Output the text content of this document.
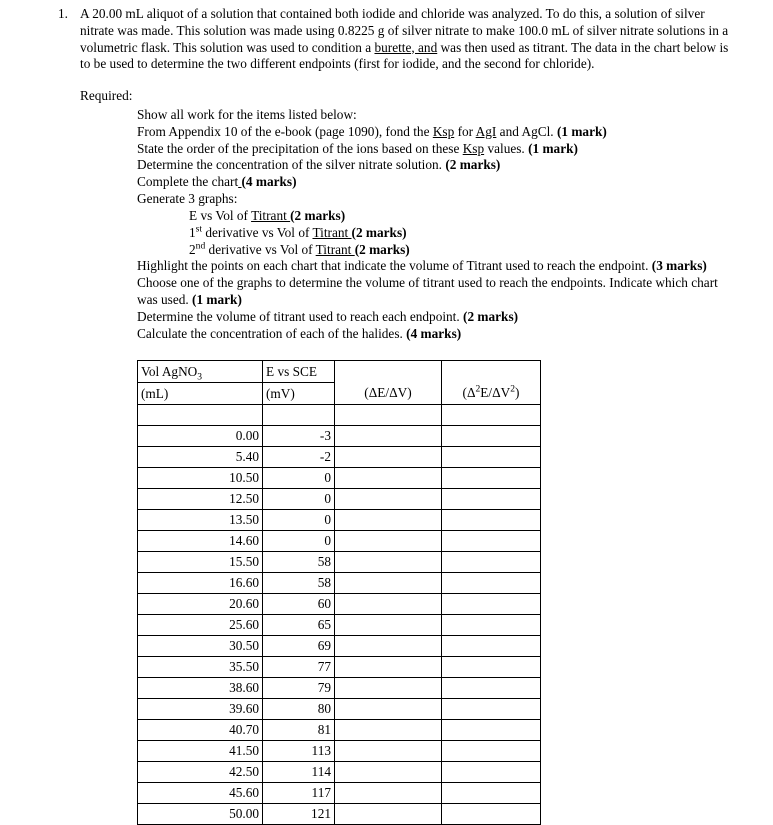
1. A 20.00 mL aliquot of a solution that contained both iodide and chloride was analyzed. To do this, a solution of silver nitrate was made. This solution was made using 0.8225 g of silver nitrate to make 100.0 mL of silver nitrate solutions in a volumetric flask. This solution was used to condition a burette, and was then used as titrant. The data in the chart below is to be used to determine the two different endpoints (first for iodide, and the second for chloride).
Required:
Show all work for the items listed below:
From Appendix 10 of the e-book (page 1090), fond the Ksp for AgI and AgCl. (1 mark)
State the order of the precipitation of the ions based on these Ksp values. (1 mark)
Determine the concentration of the silver nitrate solution. (2 marks)
Complete the chart (4 marks)
Generate 3 graphs:
E vs Vol of Titrant (2 marks)
1st derivative vs Vol of Titrant (2 marks)
2nd derivative vs Vol of Titrant (2 marks)
Highlight the points on each chart that indicate the volume of Titrant used to reach the endpoint. (3 marks)
Choose one of the graphs to determine the volume of titrant used to reach the endpoints. Indicate which chart was used. (1 mark)
Determine the volume of titrant used to reach each endpoint. (2 marks)
Calculate the concentration of each of the halides. (4 marks)
Vol AgNO$_3$	E vs SCE	(ΔE/ΔV)	$(\Delta^2E/\Delta V^2)$

(mL)	(mV)		

0.00	-3		
5.40	-2		
10.50	0		
12.50	0		
13.50	0		
14.60	0		
15.50	58		
16.60	58		
20.60	60		
25.60	65		
30.50	69		
35.50	77		
38.60	79		
39.60	80		
40.70	81		
41.50	113		
42.50	114		
45.60	117		
50.00	121		
